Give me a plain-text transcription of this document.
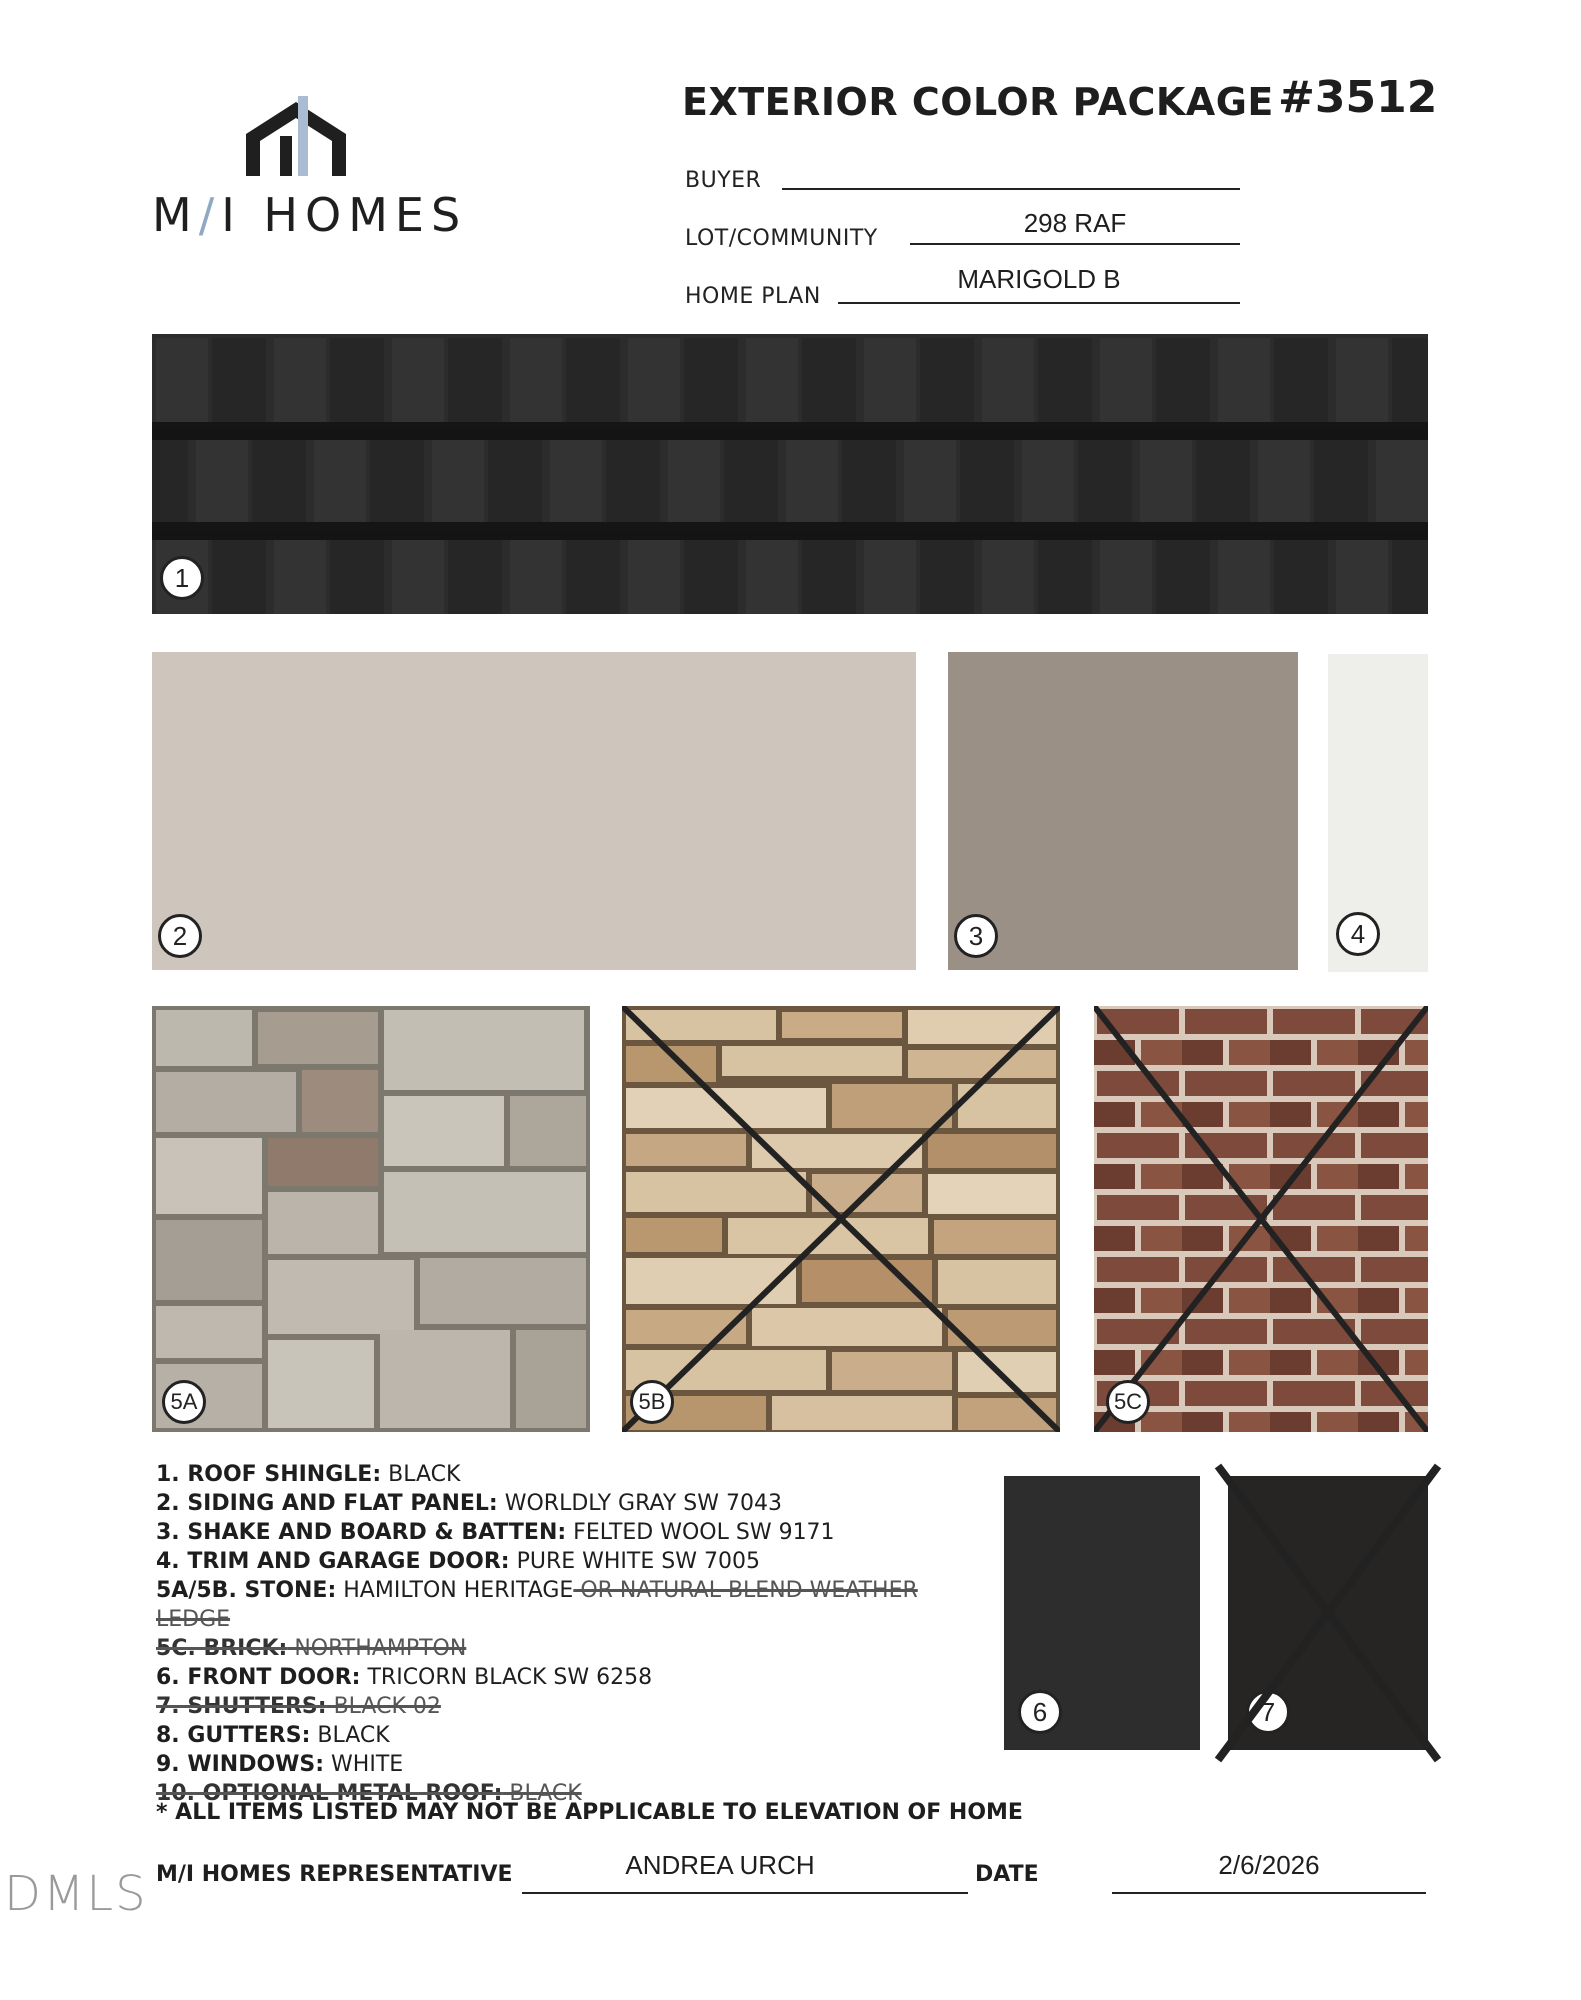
M/I HOMES
EXTERIOR COLOR PACKAGE #3512
BUYER
LOT/COMMUNITY
298 RAF
HOME PLAN
MARIGOLD B
1
2	3	4
5A	5B	5C
1. ROOF SHINGLE: BLACK
2. SIDING AND FLAT PANEL: WORLDLY GRAY SW 7043
3. SHAKE AND BOARD & BATTEN: FELTED WOOL SW 9171
4. TRIM AND GARAGE DOOR: PURE WHITE SW 7005
5A/5B. STONE: HAMILTON HERITAGE OR NATURAL BLEND WEATHER
LEDGE
5C. BRICK: NORTHAMPTON
6. FRONT DOOR: TRICORN BLACK SW 6258
7. SHUTTERS: BLACK 02
8. GUTTERS: BLACK
9. WINDOWS: WHITE
10. OPTIONAL METAL ROOF: BLACK
6	7
* ALL ITEMS LISTED MAY NOT BE APPLICABLE TO ELEVATION OF HOME
M/I HOMES REPRESENTATIVE	ANDREA URCH	DATE	2/6/2026
DMLS
